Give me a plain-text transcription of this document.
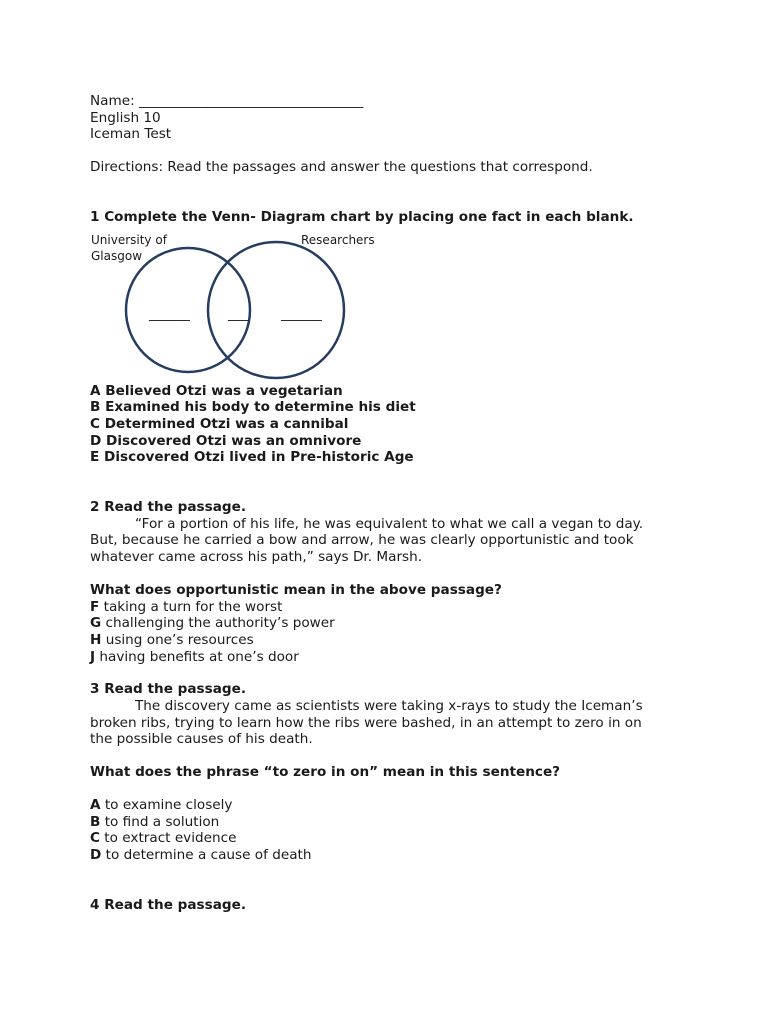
Name: _________________________________
English 10
Iceman Test
Directions: Read the passages and answer the questions that correspond.
1 Complete the Venn- Diagram chart by placing one fact in each blank.
University of
Glasgow
Researchers
______	___ ______
A Believed Otzi was a vegetarian
B Examined his body to determine his diet
C Determined Otzi was a cannibal
D Discovered Otzi was an omnivore
E Discovered Otzi lived in Pre-historic Age
2 Read the passage.
“For a portion of his life, he was equivalent to what we call a vegan to day.
But, because he carried a bow and arrow, he was clearly opportunistic and took
whatever came across his path,” says Dr. Marsh.
What does opportunistic mean in the above passage?
F taking a turn for the worst
G challenging the authority’s power
H using one’s resources
J having benefits at one’s door
3 Read the passage.
The discovery came as scientists were taking x-rays to study the Iceman’s
broken ribs, trying to learn how the ribs were bashed, in an attempt to zero in on
the possible causes of his death.
What does the phrase “to zero in on” mean in this sentence?
A to examine closely
B to find a solution
C to extract evidence
D to determine a cause of death
4 Read the passage.
